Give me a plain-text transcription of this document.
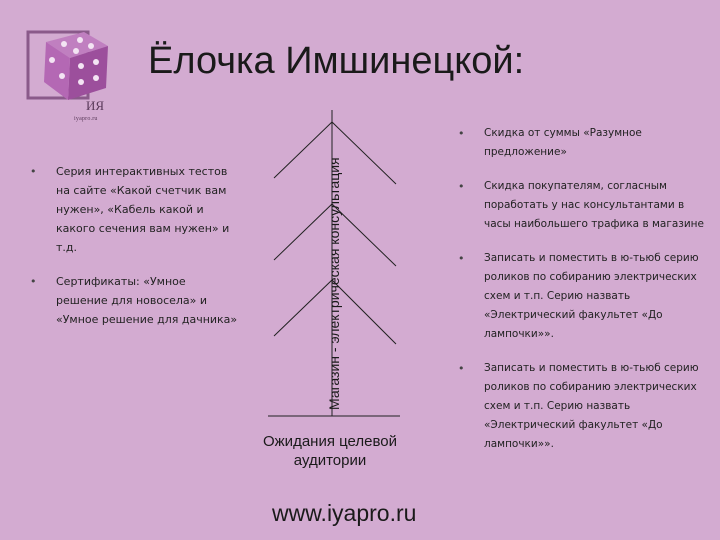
ИЯ
iyapro.ru
Ёлочка Имшинецкой:
• Серия интерактивных тестов на сайте «Какой счетчик вам нужен», «Кабель какой и какого сечения вам нужен» и т.д.
• Сертификаты: «Умное решение для новосела» и «Умное решение для дачника»	Магазин - электрическая консультация
Ожидания целевой аудитории
• Скидка от суммы «Разумное предложение»
• Скидка покупателям, согласным поработать у нас консультантами в часы наибольшего трафика в магазине
• Записать и поместить в ю-тьюб серию роликов по собиранию электрических схем и т.п. Серию назвать «Электрический факультет «До лампочки»».
• Записать и поместить в ю-тьюб серию роликов по собиранию электрических схем и т.п. Серию назвать «Электрический факультет «До лампочки»».
www.iyapro.ru
